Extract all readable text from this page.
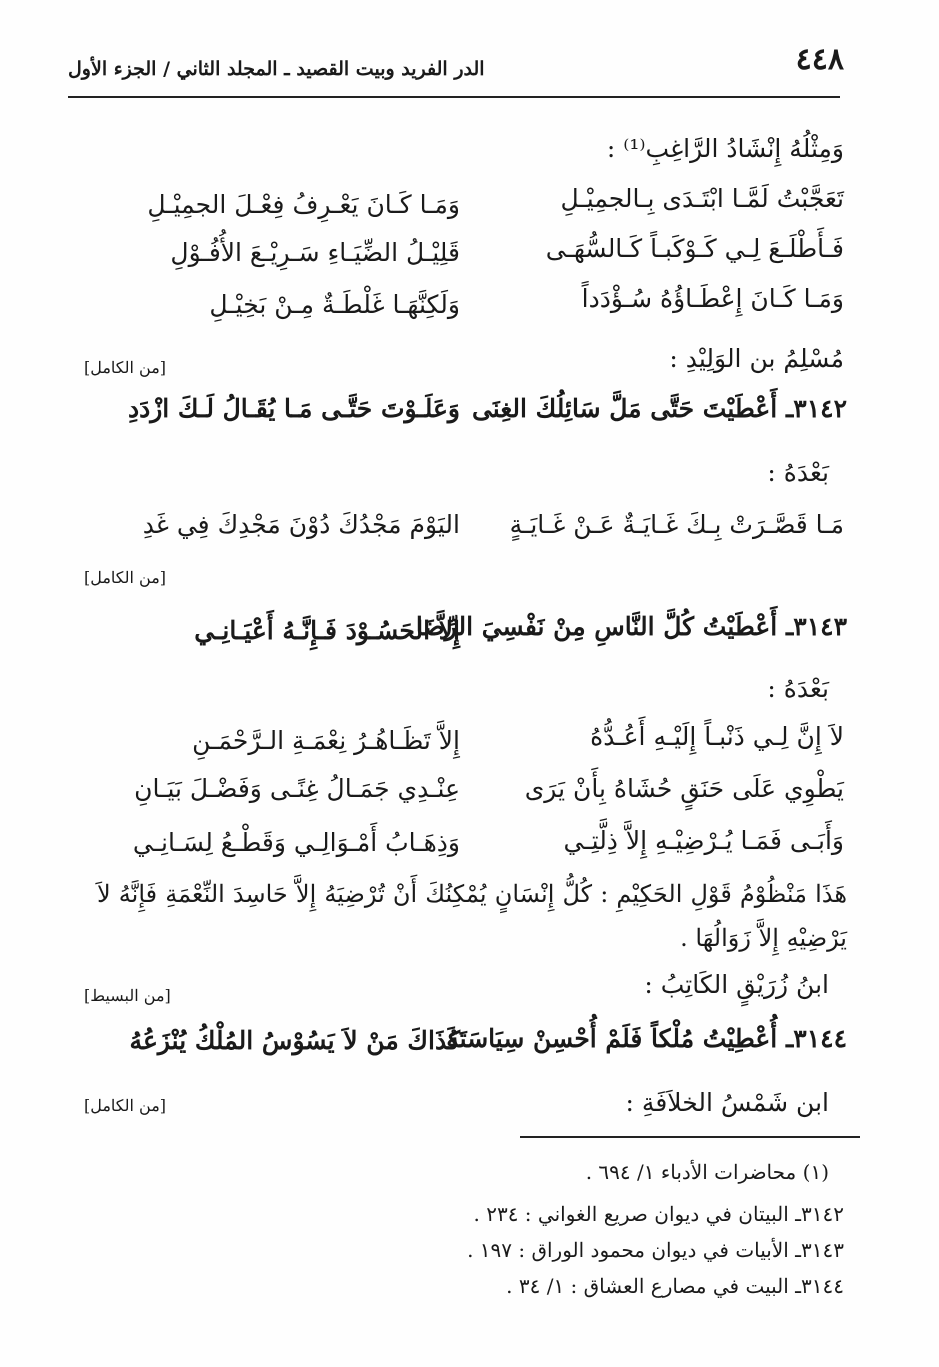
٤٤٨
الدر الفريد وبيت القصيد ـ المجلد الثاني / الجزء الأول
وَمِثْلُهُ إِنْشَادُ الرَّاغِبِ⁽¹⁾ :
تَعَجَّبْتُ لَمَّـا ابْتَـدَى بِـالجمِيْـلِ
وَمَـا كَـانَ يَعْـرِفُ فِعْـلَ الجمِيْـلِ
فَـأَطْلَـعَ لِـي كَـوْكَبـاً كَـالسُّهَـى
قَلِيْـلُ الضِّيَـاءِ سَـرِيْـعَ الأُفُـوْلِ
وَمَـا كَـانَ إِعْطَـاؤُهُ سُـؤْدَداً
وَلَكِنَّهَـا غَلْطَـةٌ مِـنْ بَخِيْـلِ
مُسْلِمُ بن الوَلِيْدِ :
[من الكامل]
٣١٤٢ـ أَعْطَيْتَ حَتَّى مَلَّ سَائِلُكَ الغِنَى
وَعَلَـوْتَ حَتَّـى مَـا يُقَـالُ لَـكَ ازْدَدِ
بَعْدَهُ :
مَـا قَصَّـرَتْ بِـكَ غَـايَـةٌ عَـنْ غَـايَـةٍ
اليَوْمَ مَجْدُكَ دُوْنَ مَجْدِكَ فِي غَدِ
[من الكامل]
٣١٤٣ـ أَعْطَيْتُ كُلَّ النَّاسِ مِنْ نَفْسِيَ الرِّضَا
إِلاَّ الحَسُـوْدَ فَـإِنَّـهُ أَعْيَـانِـي
بَعْدَهُ :
لاَ إِنَّ لِـي ذَنْبـاً إِلَيْـهِ أَعُـدُّهُ
إِلاَّ تَظَـاهُـرُ نِعْمَـةِ الـرَّحْمَـنِ
يَطْوِي عَلَى حَنَقٍ حُشَاهُ بِأَنْ يَرَى
عِنْـدِي جَمَـالُ غِنًـى وَفَضْـلَ بَيَـانِ
وَأَبَـى فَمَـا يُـرْضِيْـهِ إِلاَّ ذِلَّتِـي
وَذِهَـابُ أَمْـوَالِـي وَقَطْـعُ لِسَـانِـي
هَذَا مَنْظُوْمُ قَوْلِ الحَكِيْمِ : كُلُّ إِنْسَانٍ يُمْكِنُكَ أَنْ تُرْضِيَهُ إِلاَّ حَاسِدَ النِّعْمَةِ فَإِنَّهُ لاَ يَرْضِيْهِ إِلاَّ زَوَالُهَا .
ابنُ زُرَيْقٍ الكَاتِبُ :
[من البسيط]
٣١٤٤ـ أُعْطِيْتُ مُلْكاً فَلَمْ أُحْسِنْ سِيَاسَتَهُ
كَذَاكَ مَنْ لاَ يَسُوْسُ المُلْكُ يُنْزَعُهُ
ابن شَمْسُ الخلاَفَةِ :
[من الكامل]
(١) محاضرات الأدباء ١/ ٦٩٤ .
٣١٤٢ـ البيتان في ديوان صريع الغواني : ٢٣٤ .
٣١٤٣ـ الأبيات في ديوان محمود الوراق : ١٩٧ .
٣١٤٤ـ البيت في مصارع العشاق : ١/ ٣٤ .
